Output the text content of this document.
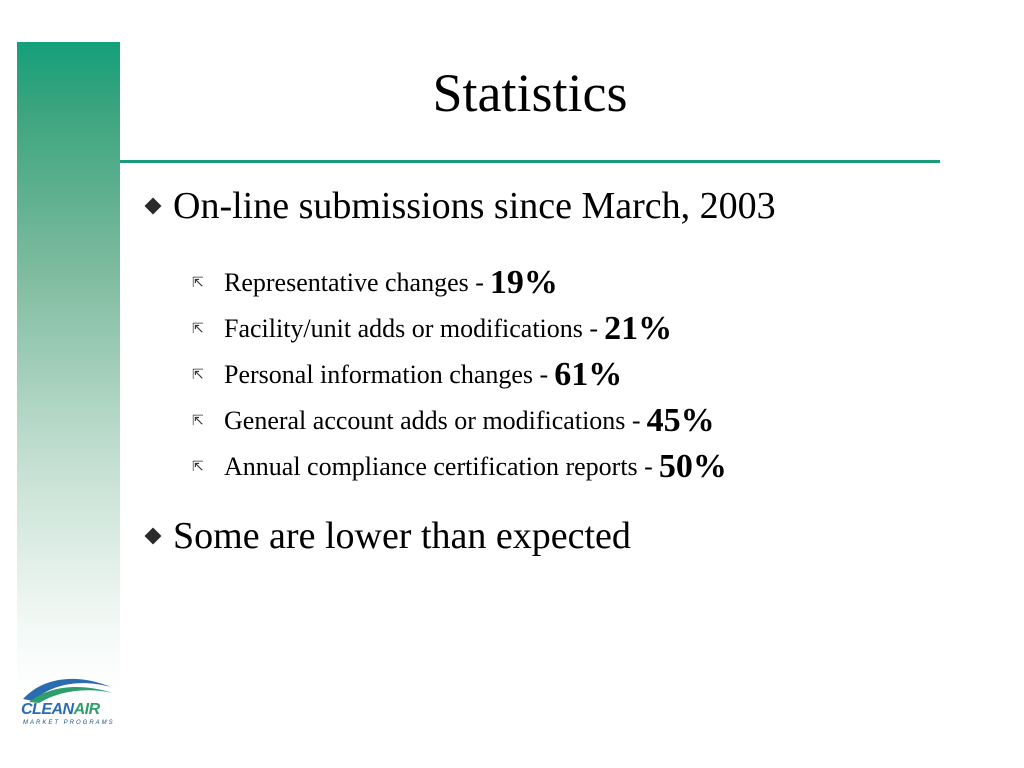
Statistics
On-line submissions since March, 2003
⇱ Representative changes - 19%
⇱ Facility/unit adds or modifications - 21%
⇱ Personal information changes - 61%
⇱ General account adds or modifications - 45%
⇱ Annual compliance certification reports - 50%
Some are lower than expected
CLEANAIR
MARKET PROGRAMS
